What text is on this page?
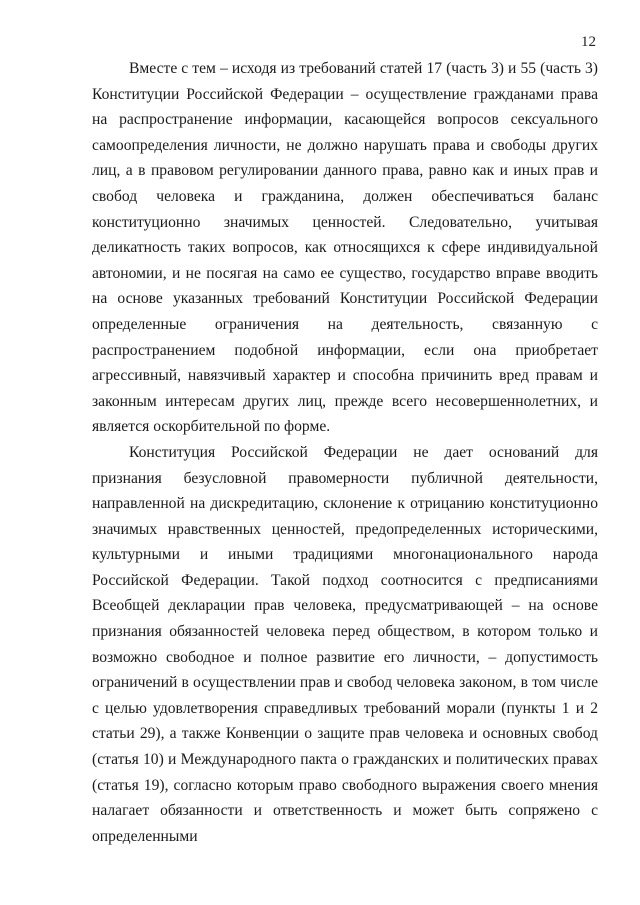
12

Вместе с тем – исходя из требований статей 17 (часть 3) и 55 (часть 3) Конституции Российской Федерации – осуществление гражданами права на распространение информации, касающейся вопросов сексуального самоопределения личности, не должно нарушать права и свободы других лиц, а в правовом регулировании данного права, равно как и иных прав и свобод человека и гражданина, должен обеспечиваться баланс конституционно значимых ценностей. Следовательно, учитывая деликатность таких вопросов, как относящихся к сфере индивидуальной автономии, и не посягая на само ее существо, государство вправе вводить на основе указанных требований Конституции Российской Федерации определенные ограничения на деятельность, связанную с распространением подобной информации, если она приобретает агрессивный, навязчивый характер и способна причинить вред правам и законным интересам других лиц, прежде всего несовершеннолетних, и является оскорбительной по форме.

Конституция Российской Федерации не дает оснований для признания безусловной правомерности публичной деятельности, направленной на дискредитацию, склонение к отрицанию конституционно значимых нравственных ценностей, предопределенных историческими, культурными и иными традициями многонационального народа Российской Федерации. Такой подход соотносится с предписаниями Всеобщей декларации прав человека, предусматривающей – на основе признания обязанностей человека перед обществом, в котором только и возможно свободное и полное развитие его личности, – допустимость ограничений в осуществлении прав и свобод человека законом, в том числе с целью удовлетворения справедливых требований морали (пункты 1 и 2 статьи 29), а также Конвенции о защите прав человека и основных свобод (статья 10) и Международного пакта о гражданских и политических правах (статья 19), согласно которым право свободного выражения своего мнения налагает обязанности и ответственность и может быть сопряжено с определенными
